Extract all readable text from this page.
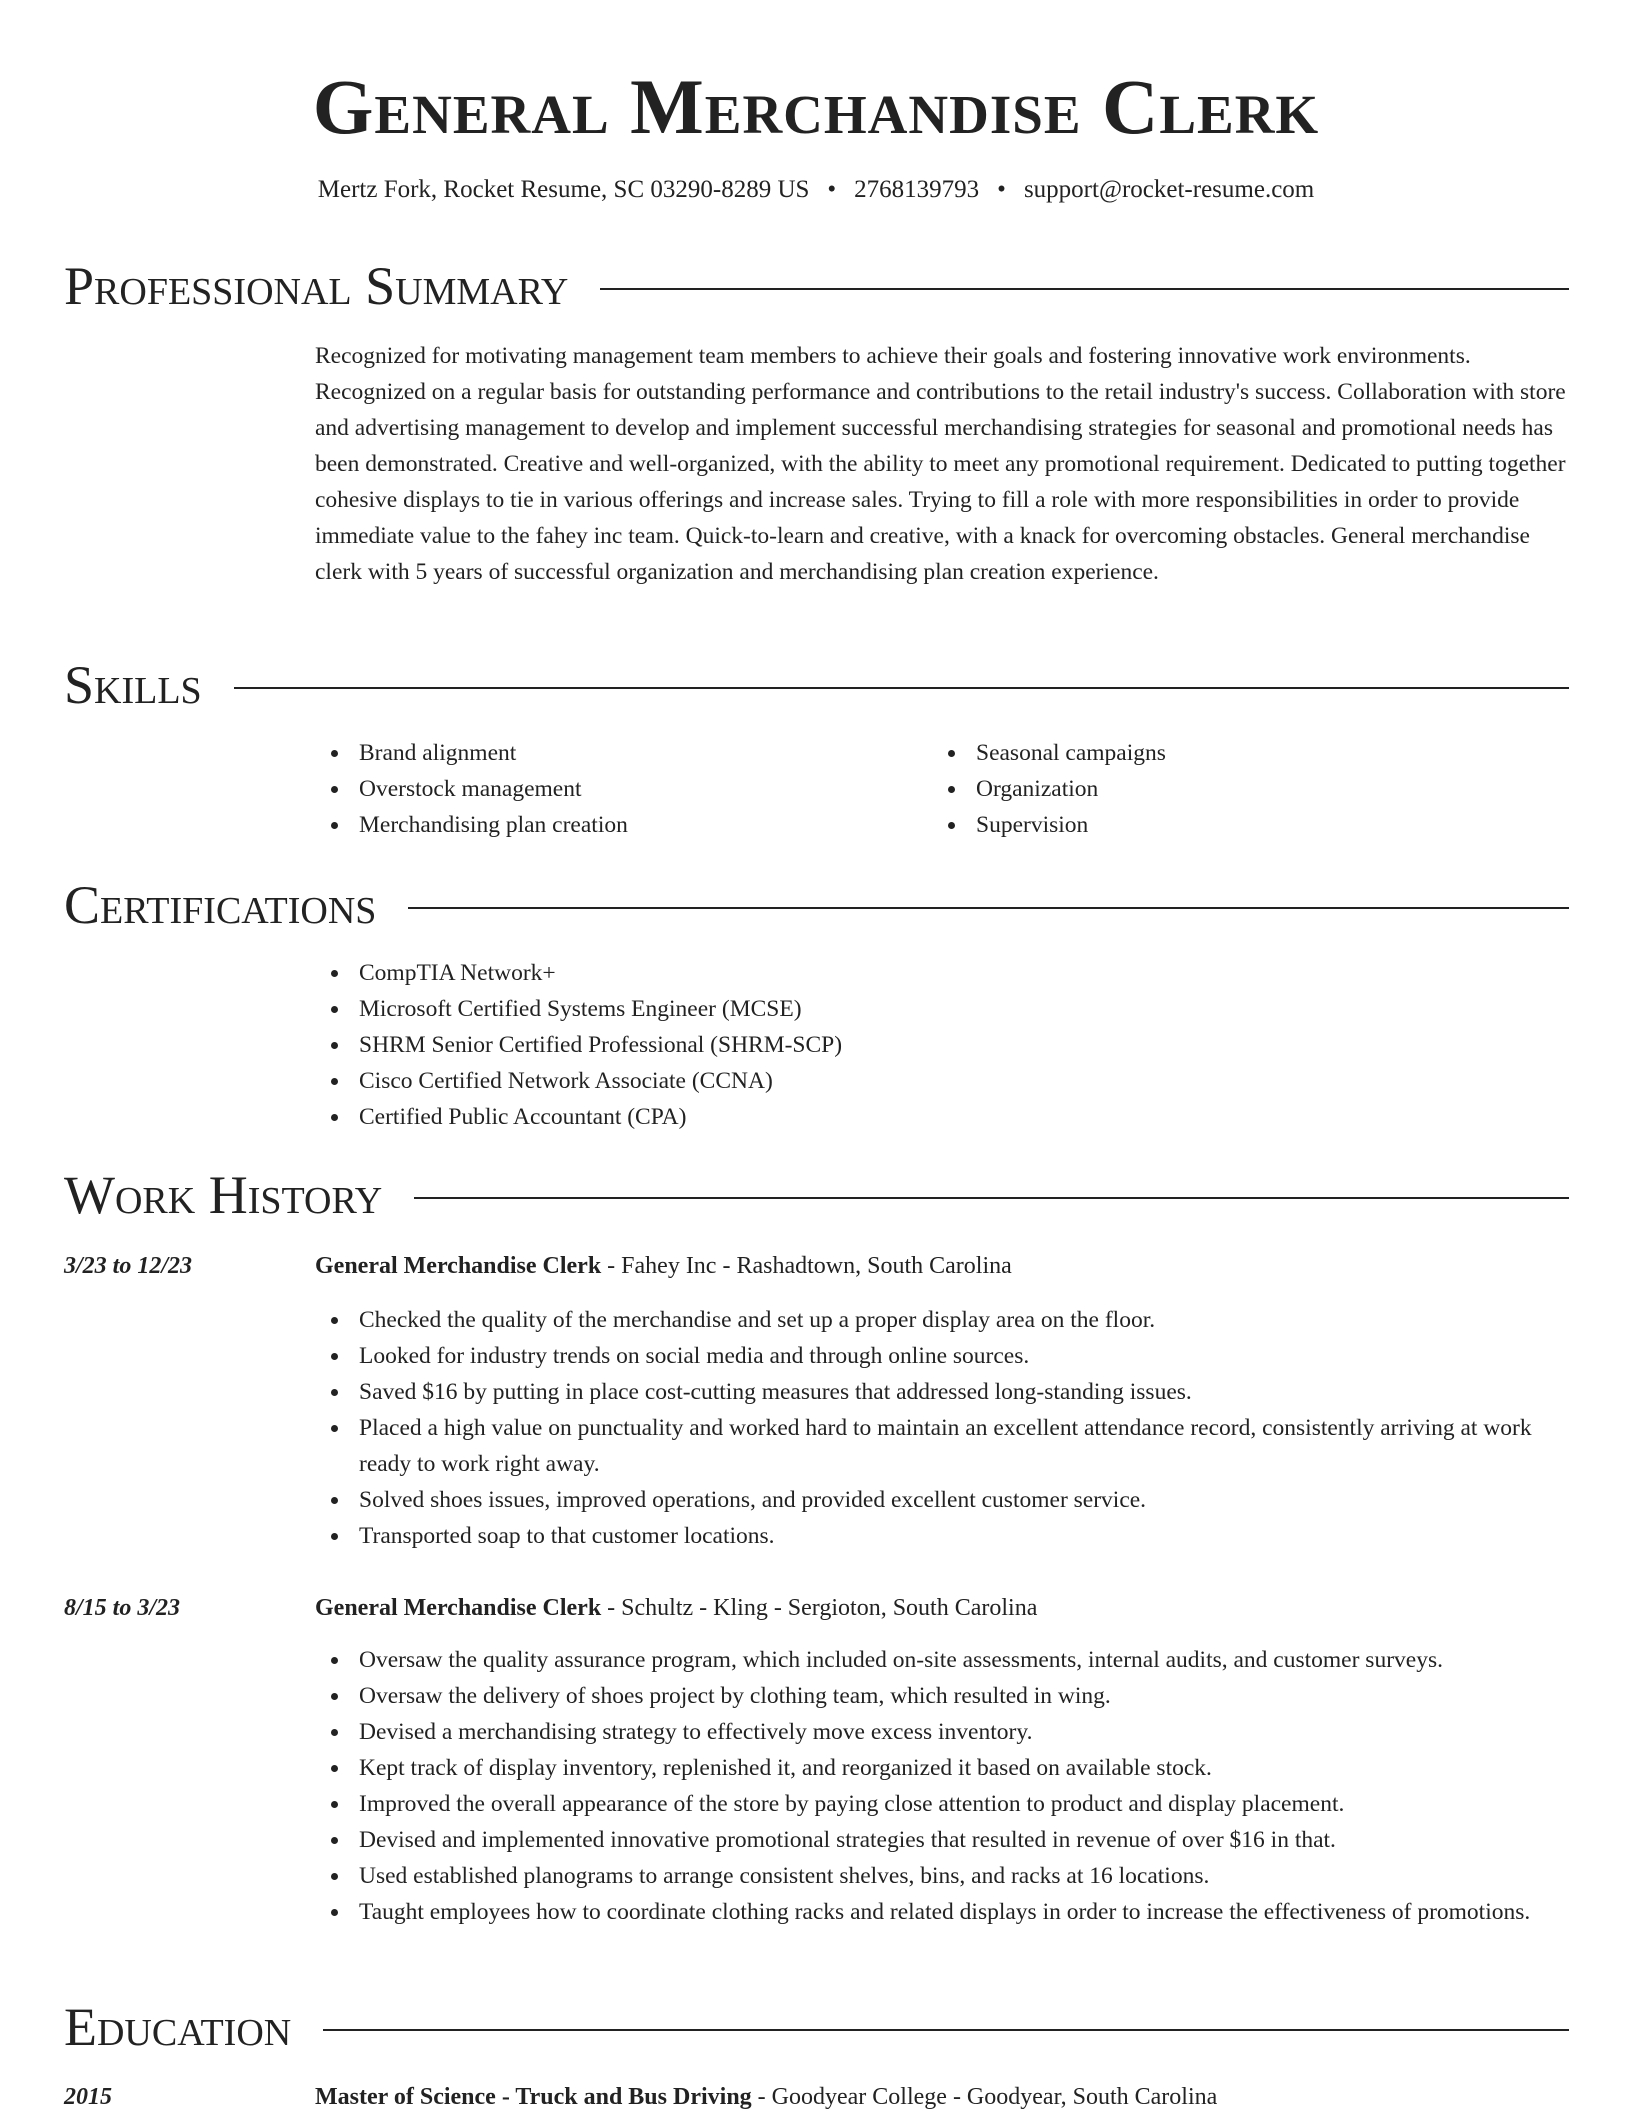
General Merchandise Clerk
Mertz Fork, Rocket Resume, SC 03290-8289 US • 2768139793 • support@rocket-resume.com
Professional Summary

Recognized for motivating management team members to achieve their goals and fostering innovative work environments. Recognized on a regular basis for outstanding performance and contributions to the retail industry's success. Collaboration with store and advertising management to develop and implement successful merchandising strategies for seasonal and promotional needs has been demonstrated. Creative and well-organized, with the ability to meet any promotional requirement. Dedicated to putting together cohesive displays to tie in various offerings and increase sales. Trying to fill a role with more responsibilities in order to provide immediate value to the fahey inc team. Quick-to-learn and creative, with a knack for overcoming obstacles. General merchandise clerk with 5 years of successful organization and merchandising plan creation experience.

Skills
Brand alignment
Overstock management
Merchandising plan creation
Seasonal campaigns
Organization
Supervision
Certifications
CompTIA Network+
Microsoft Certified Systems Engineer (MCSE)
SHRM Senior Certified Professional (SHRM-SCP)
Cisco Certified Network Associate (CCNA)
Certified Public Accountant (CPA)
Work History
3/23 to 12/23	General Merchandise Clerk - Fahey Inc - Rashadtown, South Carolina
Checked the quality of the merchandise and set up a proper display area on the floor.
Looked for industry trends on social media and through online sources.
Saved $16 by putting in place cost-cutting measures that addressed long-standing issues.
Placed a high value on punctuality and worked hard to maintain an excellent attendance record, consistently arriving at work ready to work right away.
Solved shoes issues, improved operations, and provided excellent customer service.
Transported soap to that customer locations.
8/15 to 3/23	General Merchandise Clerk - Schultz - Kling - Sergioton, South Carolina
Oversaw the quality assurance program, which included on-site assessments, internal audits, and customer surveys.
Oversaw the delivery of shoes project by clothing team, which resulted in wing.
Devised a merchandising strategy to effectively move excess inventory.
Kept track of display inventory, replenished it, and reorganized it based on available stock.
Improved the overall appearance of the store by paying close attention to product and display placement.
Devised and implemented innovative promotional strategies that resulted in revenue of over $16 in that.
Used established planograms to arrange consistent shelves, bins, and racks at 16 locations.
Taught employees how to coordinate clothing racks and related displays in order to increase the effectiveness of promotions.
Education
2015	Master of Science - Truck and Bus Driving - Goodyear College - Goodyear, South Carolina
